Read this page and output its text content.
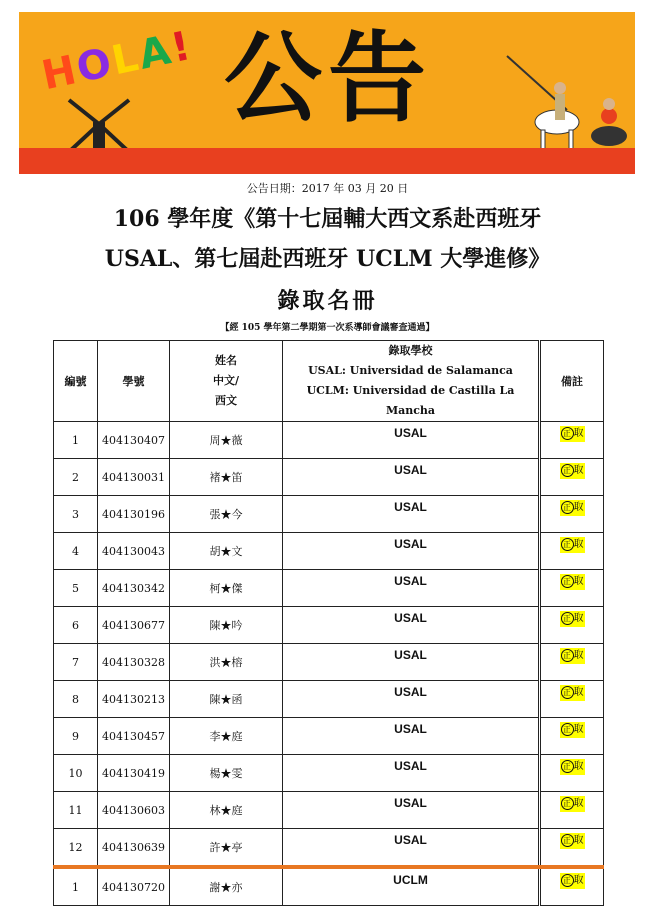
HOLA! 公告
公告日期：2017 年 03 月 20 日
106 學年度《第十七屆輔大西文系赴西班牙
USAL、第七屆赴西班牙 UCLM 大學進修》
錄取名冊
【經 105 學年第二學期第一次系導師會議審查通過】
編號	學號	姓名
中文/
西文	錄取學校
USAL: Universidad de Salamanca
UCLM: Universidad de Castilla La Mancha	備註
1	404130407	周★薇	USAL	正 取
2	404130031	褚★笛	USAL	正 取
3	404130196	張★今	USAL	正 取
4	404130043	胡★文	USAL	正 取
5	404130342	柯★傑	USAL	正 取
6	404130677	陳★吟	USAL	正 取
7	404130328	洪★榕	USAL	正 取
8	404130213	陳★函	USAL	正 取
9	404130457	李★庭	USAL	正 取
10	404130419	楊★雯	USAL	正 取
11	404130603	林★庭	USAL	正 取
12	404130639	許★亭	USAL	正 取
1	404130720	謝★亦	UCLM	正 取
